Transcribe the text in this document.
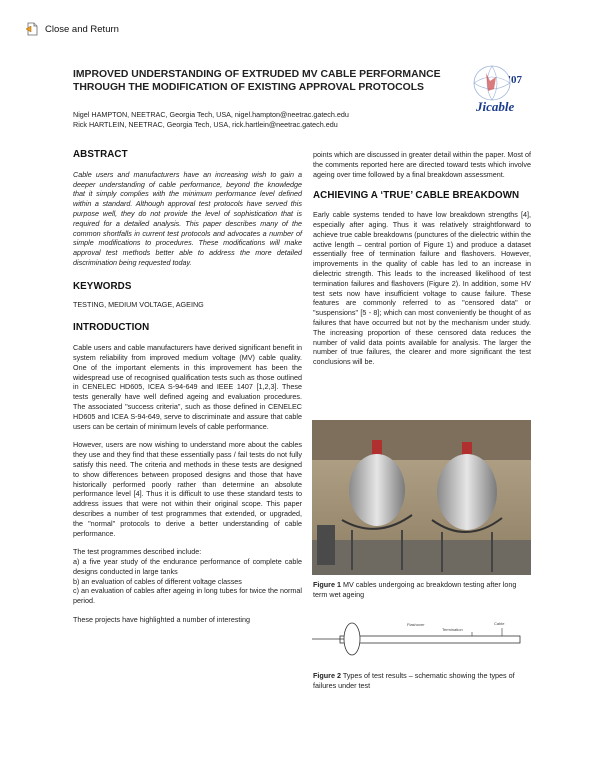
Close and Return
IMPROVED UNDERSTANDING OF EXTRUDED MV CABLE PERFORMANCE
THROUGH THE MODIFICATION OF EXISTING APPROVAL PROTOCOLS
Nigel HAMPTON, NEETRAC, Georgia Tech, USA, nigel.hampton@neetrac.gatech.edu
Rick HARTLEIN, NEETRAC, Georgia Tech, USA, rick.hartlein@neetrac.gatech.edu
'07
Jicable
ABSTRACT

Cable users and manufacturers have an increasing wish to gain a deeper understanding of cable performance, beyond the knowledge that it simply complies with the minimum performance level defined within a standard. Although approval test protocols have served this purpose well, they do not provide the level of sophistication that is required for a detailed analysis. This paper describes many of the common shortfalls in current test protocols and advocates a number of simple modifications to procedures. These modifications will make approval test methods better able to address the more detailed discrimination being requested today.

KEYWORDS

TESTING, MEDIUM VOLTAGE, AGEING

INTRODUCTION

Cable users and cable manufacturers have derived significant benefit in system reliability from improved medium voltage (MV) cable quality. One of the important elements in this improvement has been the widespread use of recognised qualification tests such as those outlined in CENELEC HD605, ICEA S-94-649 and IEEE 1407 [1,2,3]. These tests generally have well defined ageing and evaluation procedures. The associated "success criteria", such as those defined in CENELEC HD605 and ICEA S-94-649, serve to discriminate and assure that cable users can be certain of minimum levels of cable performance.

However, users are now wishing to understand more about the cables they use and they find that these essentially pass / fail tests do not fully satisfy this need. The criteria and methods in these tests are designed to show differences between proposed designs and those that have historically performed poorly rather than determine an absolute performance level [4]. Thus it is difficult to use these standard tests to address issues that were not within their original scope. This paper describes a number of test programmes that extended, or upgraded, the "normal" protocols to derive a better understanding of cable performance.

The test programmes described include:

a) a five year study of the endurance performance of complete cable designs conducted in large tanks

b) an evaluation of cables of different voltage classes

c) an evaluation of cables after ageing in long tubes for twice the normal period.

These projects have highlighted a number of interesting

points which are discussed in greater detail within the paper. Most of the comments reported here are directed toward tests which involve ageing over time followed by a final breakdown assessment.

ACHIEVING A ‘TRUE’ CABLE BREAKDOWN

Early cable systems tended to have low breakdown strengths [4], especially after aging. Thus it was relatively straightforward to achieve true cable breakdowns (punctures of the dielectric within the active length – central portion of Figure 1) and produce a dataset essentially free of termination failure and flashovers. However, improvements in the quality of cable has led to an increase in dielectric strength. This leads to the increased likelihood of test termination failures and flashovers (Figure 2). In addition, some HV test sets now have insufficient voltage to cause failure. These features are commonly referred to as "censored data" or "suspensions" [5 - 8]; which can most conveniently be thought of as failures that have occurred but not by the mechanism under study. The increasing proportion of these censored data reduces the number of valid data points available for analysis. The larger the number of true failures, the clearer and more significant the test conclusions will be.

Figure 1 MV cables undergoing ac breakdown testing after long term wet ageing
Flashover
Termination
Cable
Figure 2 Types of test results – schematic showing the types of failures under test
